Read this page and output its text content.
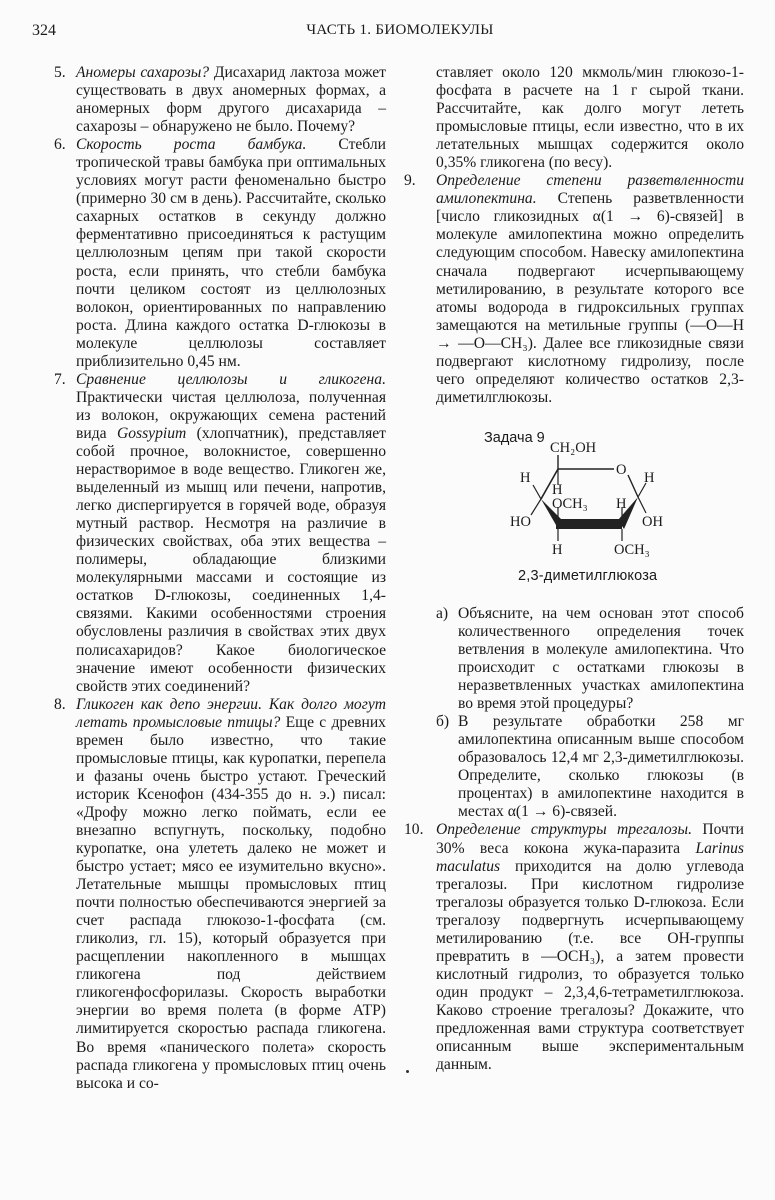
324	ЧАСТЬ 1. БИОМОЛЕКУЛЫ

5. Аномеры сахарозы? Дисахарид лактоза может существовать в двух аномерных формах, а аномерных форм другого дисахарида – сахарозы – обнаружено не было. Почему?

6. Скорость роста бамбука. Стебли тропической травы бамбука при оптимальных условиях могут расти феноменально быстро (примерно 30 см в день). Рассчитайте, сколько сахарных остатков в секунду должно ферментативно присоединяться к растущим целлюлозным цепям при такой скорости роста, если принять, что стебли бамбука почти целиком состоят из целлюлозных волокон, ориентированных по направлению роста. Длина каждого остатка D-глюкозы в молекуле целлюлозы составляет приблизительно 0,45 нм.

7. Сравнение целлюлозы и гликогена. Практически чистая целлюлоза, полученная из волокон, окружающих семена растений вида Gossypium (хлопчатник), представляет собой прочное, волокнистое, совершенно нерастворимое в воде вещество. Гликоген же, выделенный из мышц или печени, напротив, легко диспергируется в горячей воде, образуя мутный раствор. Несмотря на различие в физических свойствах, оба этих вещества – полимеры, обладающие близкими молекулярными массами и состоящие из остатков D-глюкозы, соединенных 1,4-связями. Какими особенностями строения обусловлены различия в свойствах этих двух полисахаридов? Какое биологическое значение имеют особенности физических свойств этих соединений?

8. Гликоген как депо энергии. Как долго могут летать промысловые птицы? Еще с древних времен было известно, что такие промысловые птицы, как куропатки, перепела и фазаны очень быстро устают. Греческий историк Ксенофон (434-355 до н. э.) писал: «Дрофу можно легко поймать, если ее внезапно вспугнуть, поскольку, подобно куропатке, она улететь далеко не может и быстро устает; мясо ее изумительно вкусно». Летательные мышцы промысловых птиц почти полностью обеспечиваются энергией за счет распада глюкозо-1-фосфата (см. гликолиз, гл. 15), который образуется при расщеплении накопленного в мышцах гликогена под действием гликогенфосфорилазы. Скорость выработки энергии во время полета (в форме АТР) лимитируется скоростью распада гликогена. Во время «панического полета» скорость распада гликогена у промысловых птиц очень высока и со-

ставляет около 120 мкмоль/мин глюкозо-1-фосфата в расчете на 1 г сырой ткани. Рассчитайте, как долго могут лететь промысловые птицы, если известно, что в их летательных мышцах содержится около 0,35% гликогена (по весу).

9. Определение степени разветвленности амилопектина. Степень разветвленности [число гликозидных α(1 → 6)-связей] в молекуле амилопектина можно определить следующим способом. Навеску амилопектина сначала подвергают исчерпывающему метилированию, в результате которого все атомы водорода в гидроксильных группах замещаются на метильные группы (—O—H → —O—CH₃). Далее все гликозидные связи подвергают кислотному гидролизу, после чего определяют количество остатков 2,3-диметилглюкозы.

Задача 9
CH₂OH
O H
H
H
OCH₃ H
HO	OH
H	OCH₃
2,3-диметилглюкоза

а) Объясните, на чем основан этот способ количественного определения точек ветвления в молекуле амилопектина. Что происходит с остатками глюкозы в неразветвленных участках амилопектина во время этой процедуры?

б) В результате обработки 258 мг амилопектина описанным выше способом образовалось 12,4 мг 2,3-диметилглюкозы. Определите, сколько глюкозы (в процентах) в амилопектине находится в местах α(1 → 6)-связей.

10. Определение структуры трегалозы. Почти 30% веса кокона жука-паразита Larinus maculatus приходится на долю углевода трегалозы. При кислотном гидролизе трегалозы образуется только D-глюкоза. Если трегалозу подвергнуть исчерпывающему метилированию (т.е. все OH-группы превратить в —OCH₃), а затем провести кислотный гидролиз, то образуется только один продукт – 2,3,4,6-тетраметилглюкоза. Каково строение трегалозы? Докажите, что предложенная вами структура соответствует описанным выше экспериментальным данным.
